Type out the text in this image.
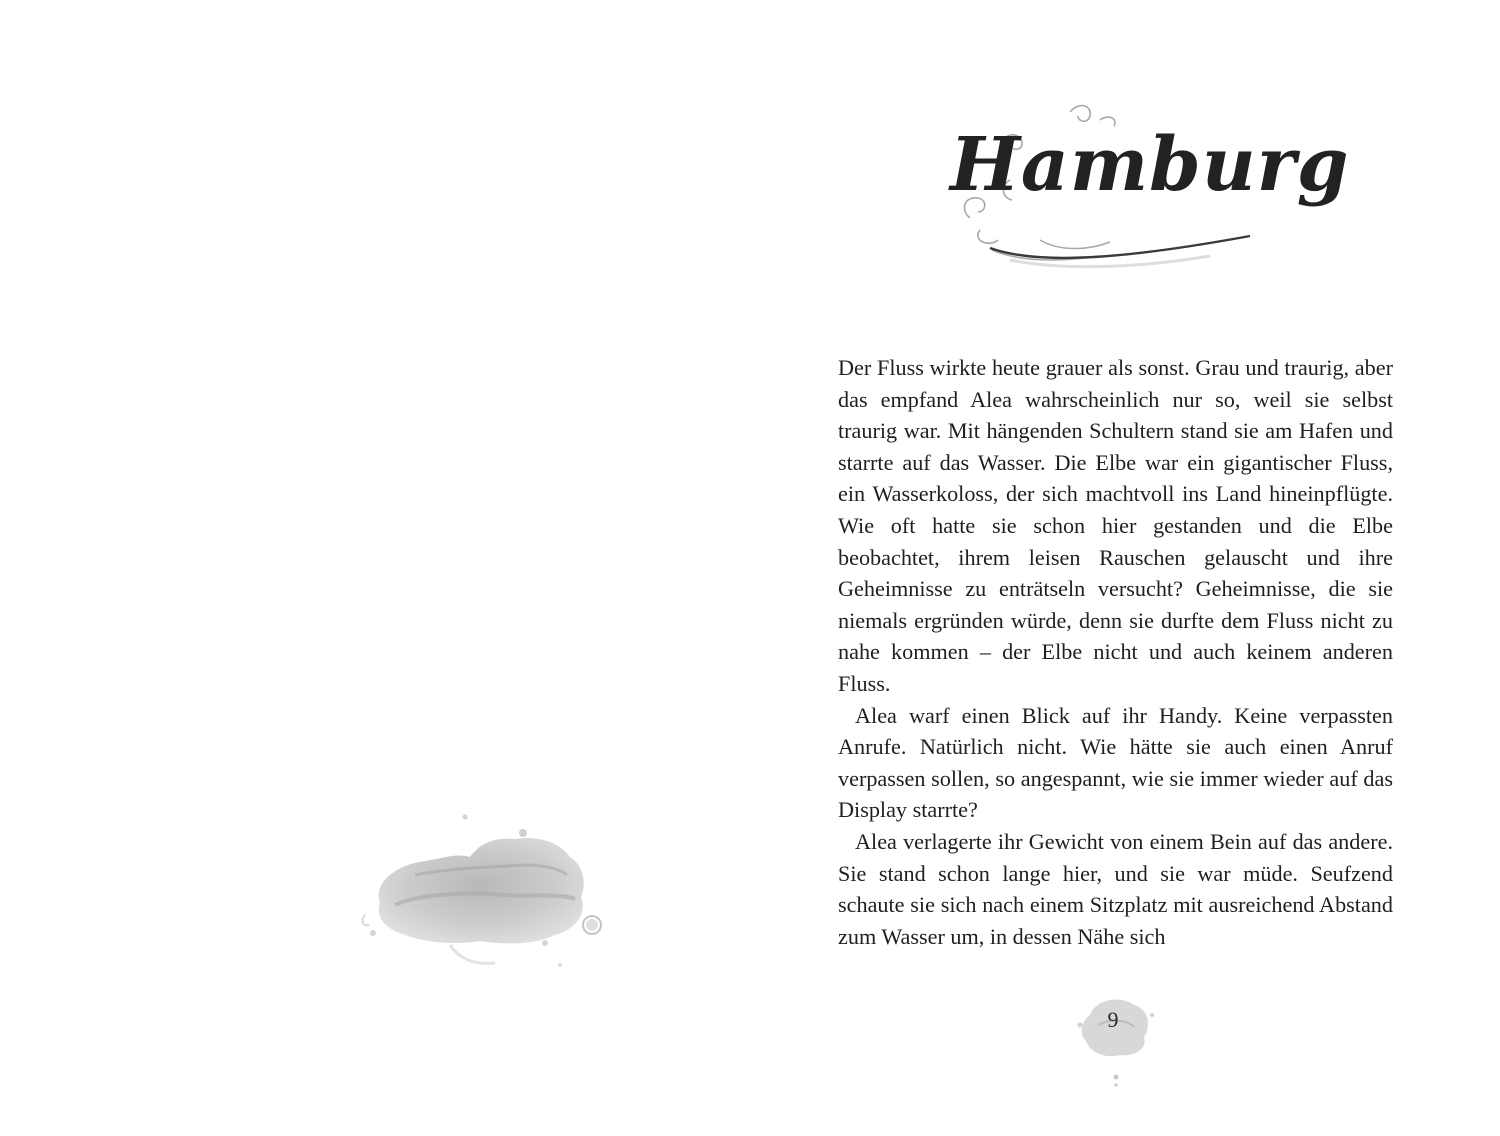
Hamburg

Der Fluss wirkte heute grauer als sonst. Grau und traurig, aber das empfand Alea wahrscheinlich nur so, weil sie selbst traurig war. Mit hängenden Schultern stand sie am Hafen und starrte auf das Wasser. Die Elbe war ein gigantischer Fluss, ein Wasserkoloss, der sich machtvoll ins Land hineinpflügte. Wie oft hatte sie schon hier gestanden und die Elbe beobachtet, ihrem leisen Rauschen gelauscht und ihre Geheimnisse zu enträtseln versucht? Geheimnisse, die sie niemals ergründen würde, denn sie durfte dem Fluss nicht zu nahe kommen – der Elbe nicht und auch keinem anderen Fluss.

Alea warf einen Blick auf ihr Handy. Keine verpassten Anrufe. Natürlich nicht. Wie hätte sie auch einen Anruf verpassen sollen, so angespannt, wie sie immer wieder auf das Display starrte?

Alea verlagerte ihr Gewicht von einem Bein auf das andere. Sie stand schon lange hier, und sie war müde. Seufzend schaute sie sich nach einem Sitzplatz mit ausreichend Abstand zum Wasser um, in dessen Nähe sich

9
